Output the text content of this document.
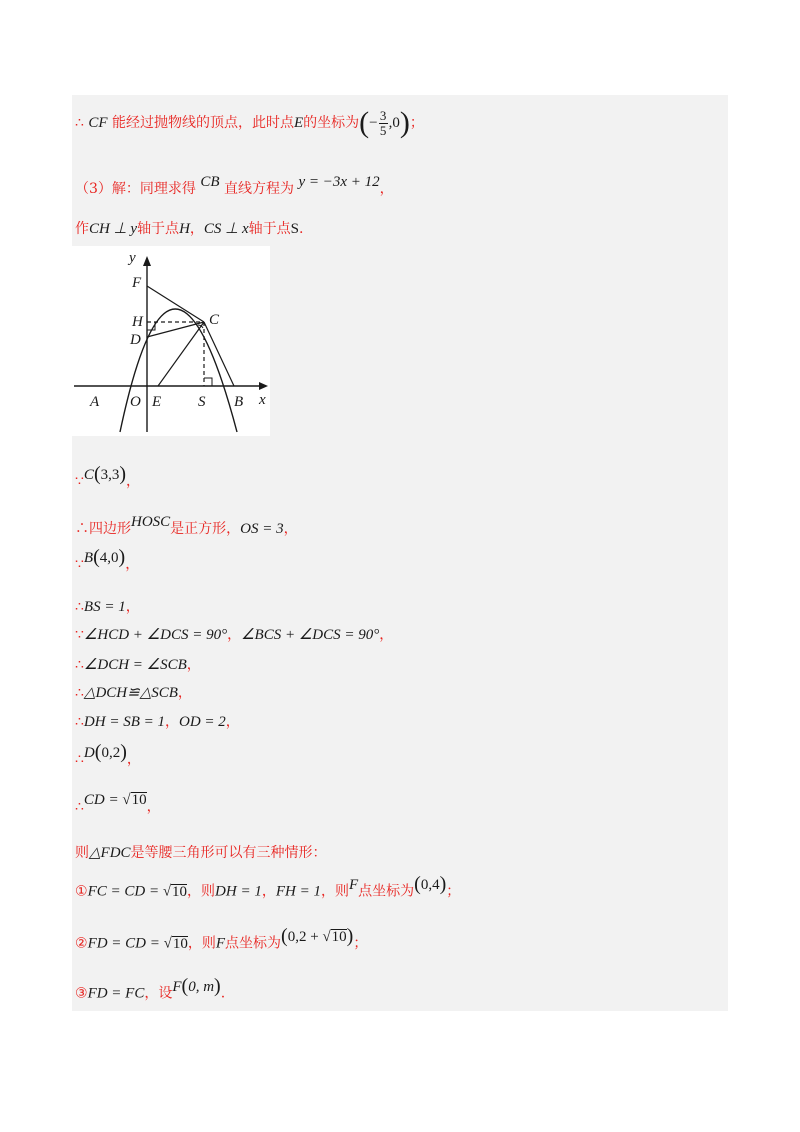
∴ CF 能经过抛物线的顶点，此时点E的坐标为(− $\frac{3}{5} ,0$)；
（3）解：同理求得 CB 直线方程为 y = −3x + 12，
作CH ⊥ y轴于点H，CS ⊥ x轴于点S.
y
x
F
H	C
D
A O E S B
∵C(3,3)，
∴四边形HOSC是正方形，OS = 3，
∵B(4,0)，
∴BS = 1，
∵∠HCD + ∠DCS = 90°，∠BCS + ∠DCS = 90°，
∴∠DCH = ∠SCB，
∴△DCH≌△SCB，
∴DH = SB = 1，OD = 2，
∴D(0,2)，
∴CD = √10，
则△FDC是等腰三角形可以有三种情形：
①FC = CD = √10，则DH = 1，FH = 1，则F点坐标为(0,4)；
②FD = CD = √10，则F点坐标为(0,2 + √10)；
③FD = FC，设F(0, m).
